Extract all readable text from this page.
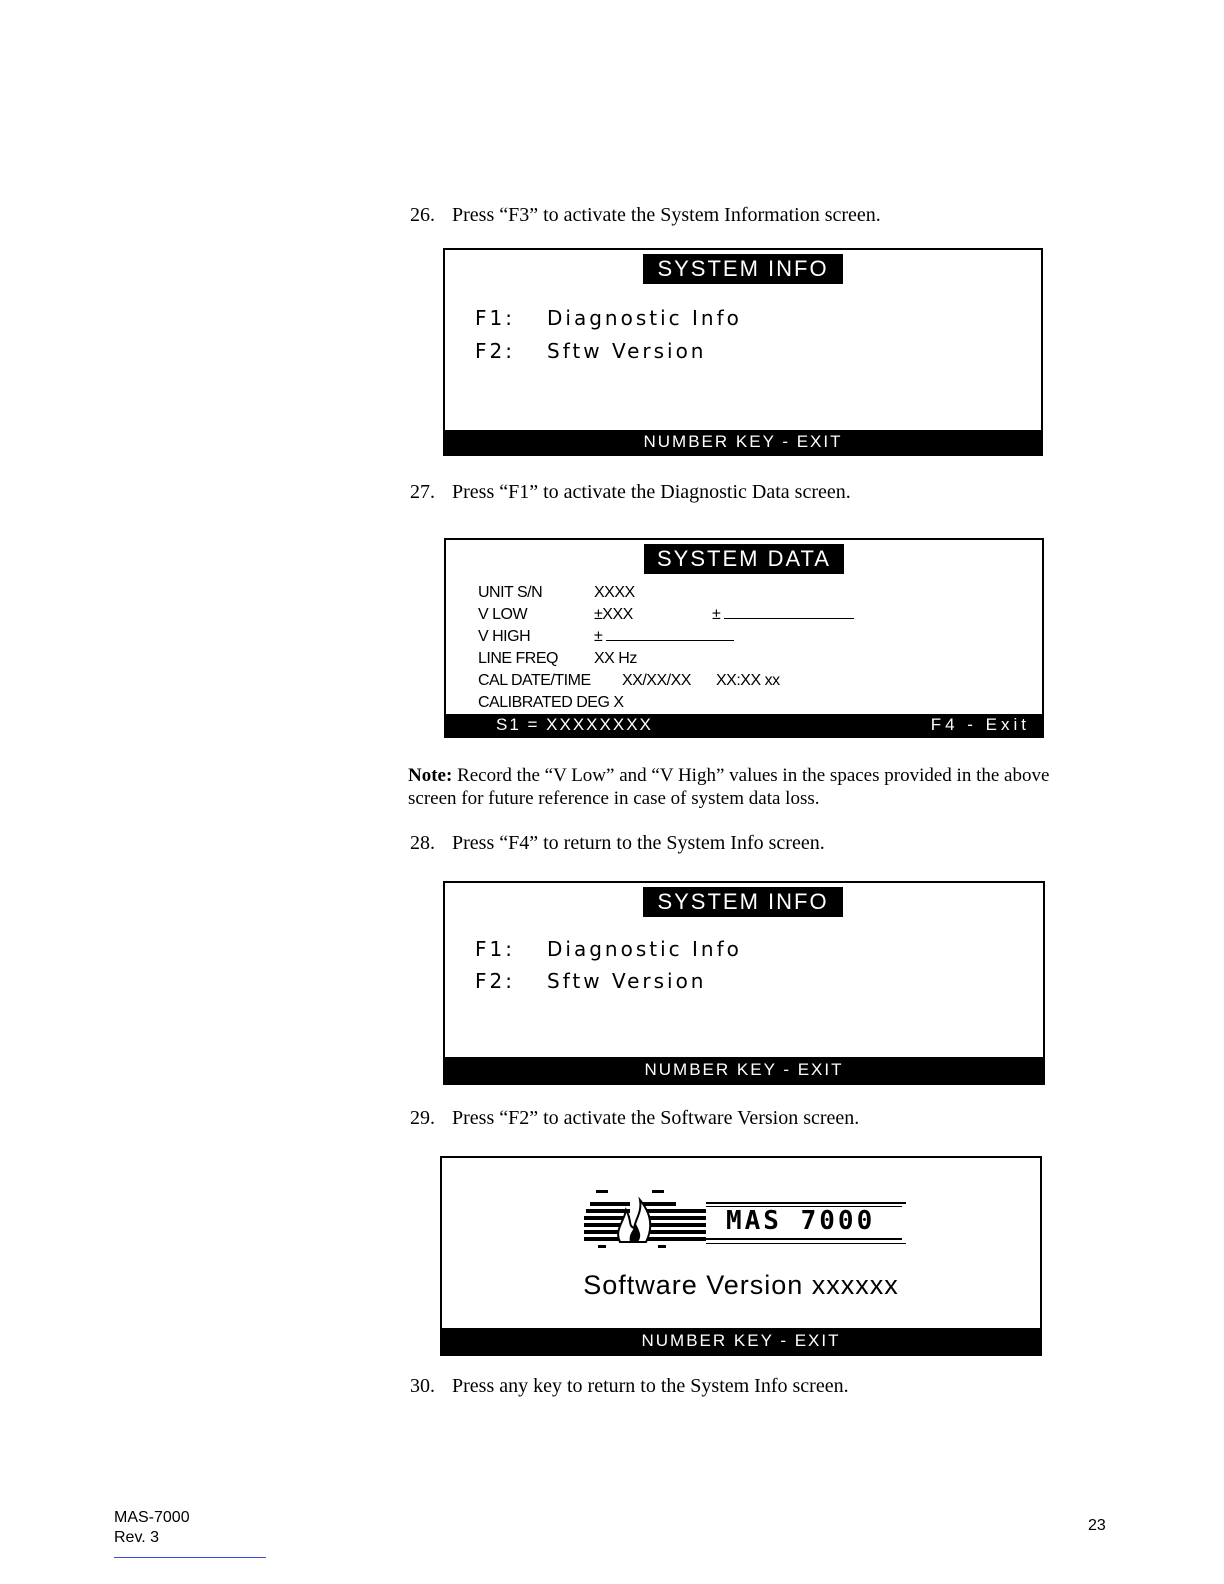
26. Press “F3” to activate the System Information screen.
SYSTEM INFO
F1: Diagnostic Info
F2: Sftw Version
NUMBER KEY - EXIT
27. Press “F1” to activate the Diagnostic Data screen.
SYSTEM DATA
UNIT S/N	XXXX
V LOW	±XXX	±
V HIGH	±
LINE FREQ XX Hz
CAL DATE/TIME XX/XX/XX XX:XX xx
CALIBRATED DEG X
S1 = XXXXXXXX	F4 - Exit
Note: Record the “V Low” and “V High” values in the spaces provided in the above screen for future reference in case of system data loss.
28. Press “F4” to return to the System Info screen.
SYSTEM INFO
F1: Diagnostic Info
F2: Sftw Version
NUMBER KEY - EXIT
29. Press “F2” to activate the Software Version screen.
MAS 7000
Software Version xxxxxx
NUMBER KEY - EXIT
30. Press any key to return to the System Info screen.
MAS-7000
Rev. 3
23
